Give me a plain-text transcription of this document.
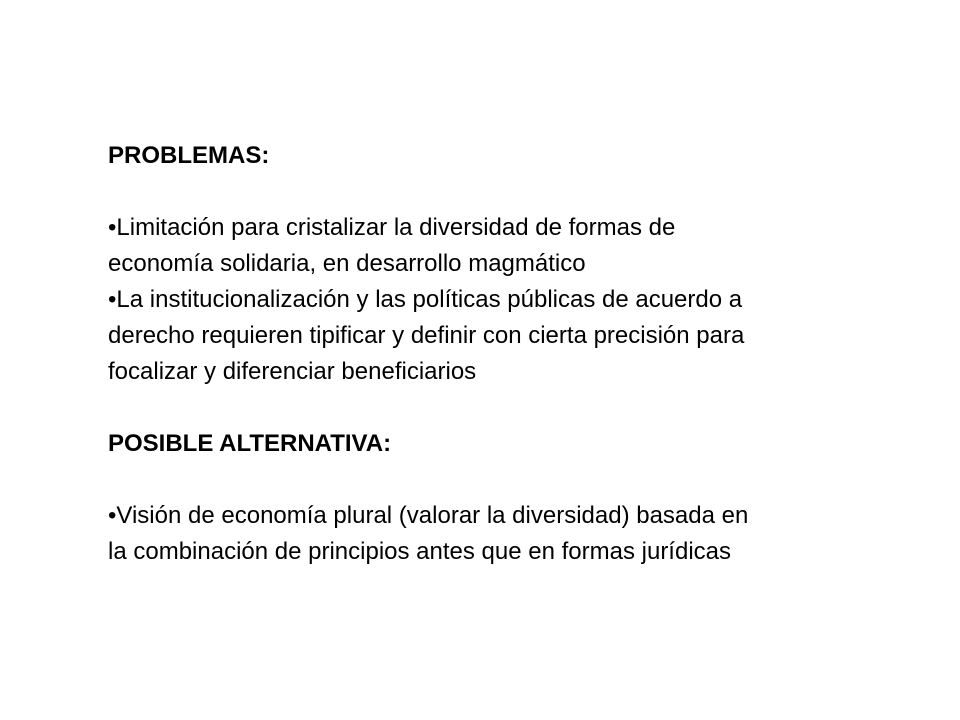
PROBLEMAS:

•Limitación para cristalizar la diversidad de formas de

economía solidaria, en desarrollo magmático

•La institucionalización y las políticas públicas de acuerdo a

derecho requieren tipificar y definir con cierta precisión para

focalizar y diferenciar beneficiarios

POSIBLE ALTERNATIVA:

•Visión de economía plural (valorar la diversidad) basada en

la combinación de principios antes que en formas jurídicas
